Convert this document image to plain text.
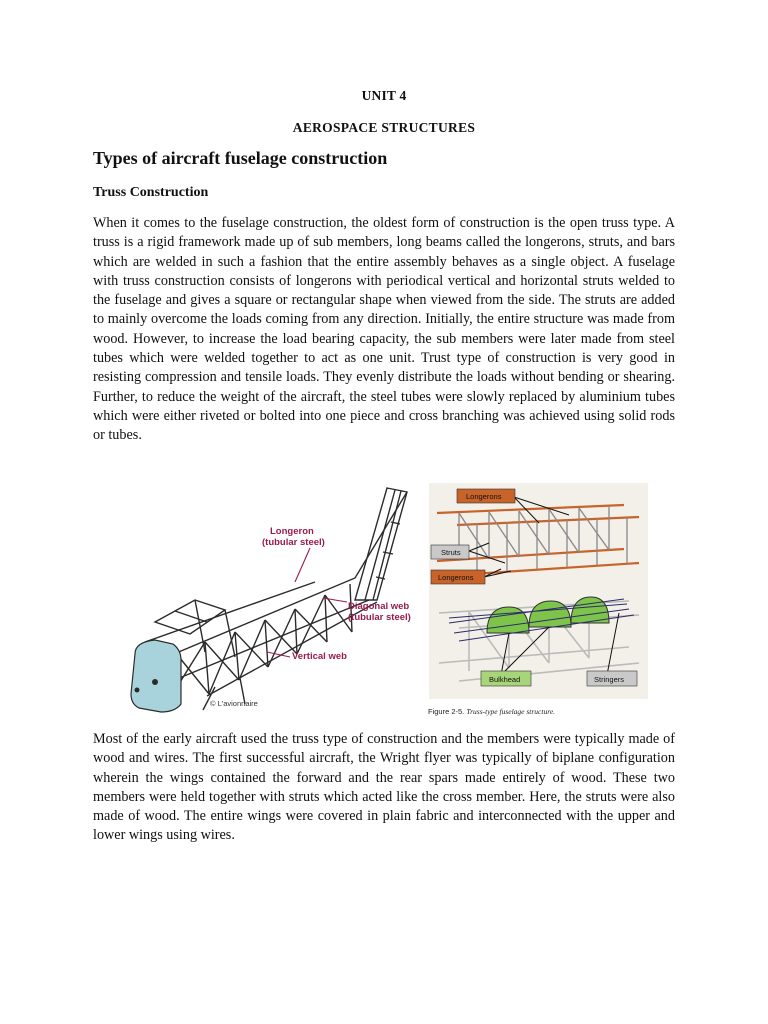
UNIT 4
AEROSPACE STRUCTURES
Types of aircraft fuselage construction
Truss Construction

When it comes to the fuselage construction, the oldest form of construction is the open truss type. A truss is a rigid framework made up of sub members, long beams called the longerons, struts, and bars which are welded in such a fashion that the entire assembly behaves as a single object. A fuselage with truss construction consists of longerons with periodical vertical and horizontal struts welded to the fuselage and gives a square or rectangular shape when viewed from the side. The struts are added to mainly overcome the loads coming from any direction. Initially, the entire structure was made from wood. However, to increase the load bearing capacity, the sub members were later made from steel tubes which were welded together to act as one unit. Trust type of construction is very good in resisting compression and tensile loads. They evenly distribute the loads without bending or shearing. Further, to reduce the weight of the aircraft, the steel tubes were slowly replaced by aluminium tubes which were either riveted or bolted into one piece and cross branching was achieved using solid rods or tubes.

Longeron
(tubular steel)
Diagonal web
(tubular steel)
Vertical web
© L'avionnaire
Longerons
Struts
Longerons
Bulkhead	Stringers
Figure 2-5. Truss-type fuselage structure.

Most of the early aircraft used the truss type of construction and the members were typically made of wood and wires. The first successful aircraft, the Wright flyer was typically of biplane configuration wherein the wings contained the forward and the rear spars made entirely of wood. These two members were held together with struts which acted like the cross member. Here, the struts were also made of wood. The entire wings were covered in plain fabric and interconnected with the upper and lower wings using wires.
